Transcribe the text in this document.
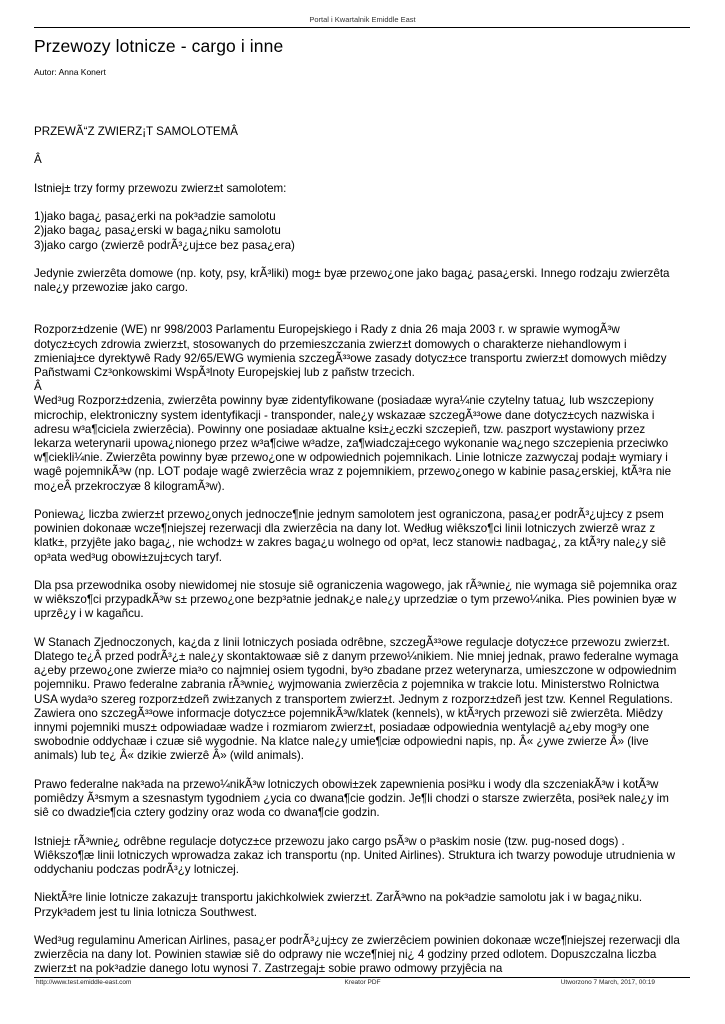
Portal i Kwartalnik Emiddle East
Przewozy lotnicze - cargo i inne
Autor: Anna Konert

PRZEWÃ“Z ZWIERZ¡T SAMOLOTEMÂ

Â

Istniej± trzy formy przewozu zwierz±t samolotem:

1)jako baga¿ pasa¿erki na pok³adzie samolotu
2)jako baga¿ pasa¿erski w baga¿niku samolotu
3)jako cargo (zwierzê podrÃ³¿uj±ce bez pasa¿era)

Jedynie zwierzêta domowe (np. koty, psy, krÃ³liki) mog± byæ przewo¿one jako baga¿ pasa¿erski. Innego rodzaju zwierzêta nale¿y przewoziæ jako cargo.

Rozporz±dzenie (WE) nr 998/2003 Parlamentu Europejskiego i Rady z dnia 26 maja 2003 r. w sprawie wymogÃ³w dotycz±cych zdrowia zwierz±t, stosowanych do przemieszczania zwierz±t domowych o charakterze niehandlowym i zmieniaj±ce dyrektywê Rady 92/65/EWG wymienia szczegÃ³³owe zasady dotycz±ce transportu zwierz±t domowych miêdzy Pañstwami Cz³onkowskimi WspÃ³lnoty Europejskiej lub z pañstw trzecich.
Â
Wed³ug Rozporz±dzenia, zwierzêta powinny byæ zidentyfikowane (posiadaæ wyra¼nie czytelny tatua¿ lub wszczepiony microchip, elektroniczny system identyfikacji - transponder, nale¿y wskazaæ szczegÃ³³owe dane dotycz±cych nazwiska i adresu w³a¶ciciela zwierzêcia). Powinny one posiadaæ aktualne ksi±¿eczki szczepieñ, tzw. paszport wystawiony przez lekarza weterynarii upowa¿nionego przez w³a¶ciwe w³adze, za¶wiadczaj±cego wykonanie wa¿nego szczepienia przeciwko w¶ciekli¼nie. Zwierzêta powinny byæ przewo¿one w odpowiednich pojemnikach. Linie lotnicze zazwyczaj podaj± wymiary i wagê pojemnikÃ³w (np. LOT podaje wagê zwierzêcia wraz z pojemnikiem, przewo¿onego w kabinie pasa¿erskiej, ktÃ³ra nie mo¿eÂ przekroczyæ 8 kilogramÃ³w).

Poniewa¿ liczba zwierz±t przewo¿onych jednocze¶nie jednym samolotem jest ograniczona, pasa¿er podrÃ³¿uj±cy z psem powinien dokonaæ wcze¶niejszej rezerwacji dla zwierzêcia na dany lot. Według wiêkszo¶ci linii lotniczych zwierzê wraz z klatk±, przyjête jako baga¿, nie wchodz± w zakres baga¿u wolnego od op³at, lecz stanowi± nadbaga¿, za ktÃ³ry nale¿y siê op³ata wed³ug obowi±zuj±cych taryf.

Dla psa przewodnika osoby niewidomej nie stosuje siê ograniczenia wagowego, jak rÃ³wnie¿ nie wymaga siê pojemnika oraz w wiêkszo¶ci przypadkÃ³w s± przewo¿one bezp³atnie jednak¿e nale¿y uprzedziæ o tym przewo¼nika. Pies powinien byæ w uprzê¿y i w kagañcu.

W Stanach Zjednoczonych, ka¿da z linii lotniczych posiada odrêbne, szczegÃ³³owe regulacje dotycz±ce przewozu zwierz±t. Dlatego te¿Â przed podrÃ³¿± nale¿y skontaktowaæ siê z danym przewo¼nikiem. Nie mniej jednak, prawo federalne wymaga a¿eby przewo¿one zwierze mia³o co najmniej osiem tygodni, by³o zbadane przez weterynarza, umieszczone w odpowiednim pojemniku. Prawo federalne zabrania rÃ³wnie¿ wyjmowania zwierzêcia z pojemnika w trakcie lotu. Ministerstwo Rolnictwa USA wyda³o szereg rozporz±dzeñ zwi±zanych z transportem zwierz±t. Jednym z rozporz±dzeñ jest tzw. Kennel Regulations. Zawiera ono szczegÃ³³owe informacje dotycz±ce pojemnikÃ³w/klatek (kennels), w ktÃ³rych przewozi siê zwierzêta. Miêdzy innymi pojemniki musz± odpowiadaæ wadze i rozmiarom zwierz±t, posiadaæ odpowiednia wentylacjê a¿eby mog³y one swobodnie oddychaæ i czuæ siê wygodnie. Na klatce nale¿y umie¶ciæ odpowiedni napis, np. Â« ¿ywe zwierze Â» (live animals) lub te¿ Â« dzikie zwierzê Â» (wild animals).

Prawo federalne nak³ada na przewo¼nikÃ³w lotniczych obowi±zek zapewnienia posi³ku i wody dla szczeniakÃ³w i kotÃ³w pomiêdzy Ã³smym a szesnastym tygodniem ¿ycia co dwana¶cie godzin. Je¶li chodzi o starsze zwierzêta, posi³ek nale¿y im siê co dwadzie¶cia cztery godziny oraz woda co dwana¶cie godzin.

Istniej± rÃ³wnie¿ odrêbne regulacje dotycz±ce przewozu jako cargo psÃ³w o p³askim nosie (tzw. pug-nosed dogs) . Wiêkszo¶æ linii lotniczych wprowadza zakaz ich transportu (np. United Airlines). Struktura ich twarzy powoduje utrudnienia w oddychaniu podczas podrÃ³¿y lotniczej.

NiektÃ³re linie lotnicze zakazuj± transportu jakichkolwiek zwierz±t. ZarÃ³wno na pok³adzie samolotu jak i w baga¿niku. Przyk³adem jest tu linia lotnicza Southwest.

Wed³ug regulaminu American Airlines, pasa¿er podrÃ³¿uj±cy ze zwierzêciem powinien dokonaæ wcze¶niejszej rezerwacji dla zwierzêcia na dany lot. Powinien stawiæ siê do odprawy nie wcze¶niej ni¿ 4 godziny przed odlotem. Dopuszczalna liczba zwierz±t na pok³adzie danego lotu wynosi 7. Zastrzegaj± sobie prawo odmowy przyjêcia na

http://www.test.emiddle-east.com	Kreator PDF	Utworzono 7 March, 2017, 00:19
